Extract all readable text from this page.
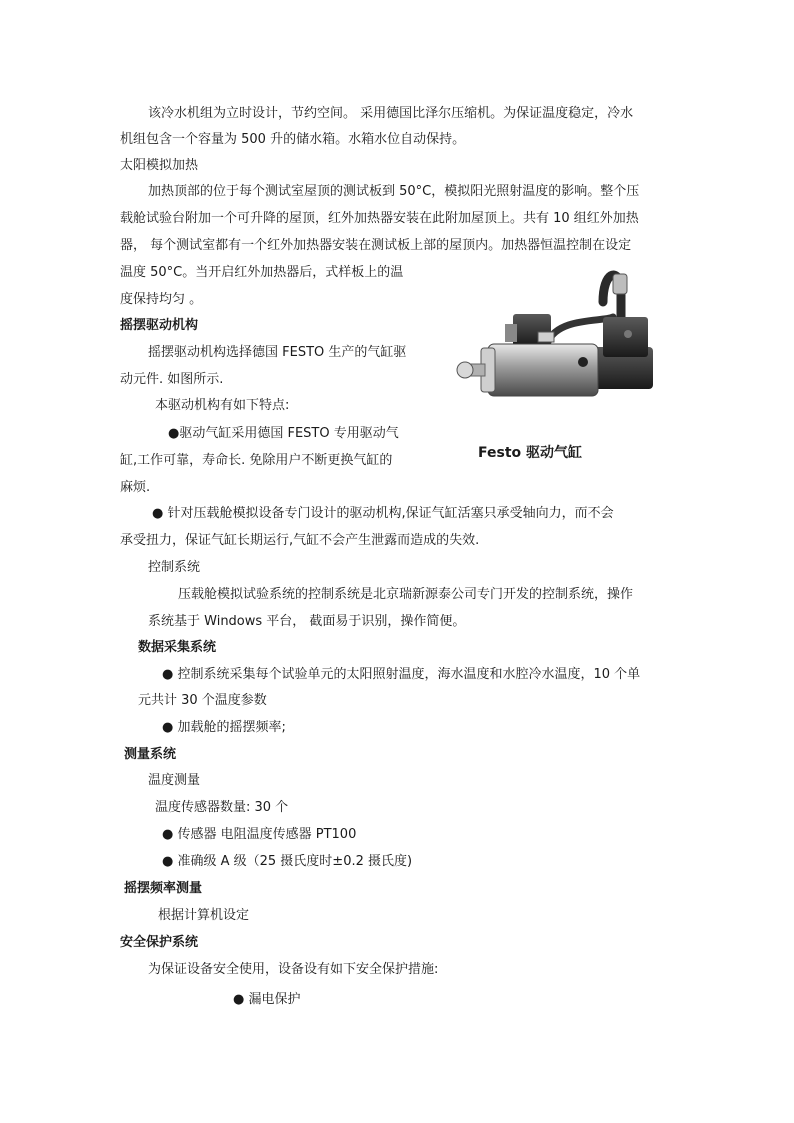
该冷水机组为立时设计，节约空间。 采用德国比泽尔压缩机。为保证温度稳定，冷水
机组包含一个容量为 500 升的储水箱。水箱水位自动保持。
太阳模拟加热
加热顶部的位于每个测试室屋顶的测试板到 50°C，模拟阳光照射温度的影响。整个压
载舱试验台附加一个可升降的屋顶，红外加热器安装在此附加屋顶上。共有 10 组红外加热
器， 每个测试室都有一个红外加热器安装在测试板上部的屋顶内。加热器恒温控制在设定
温度 50°C。当开启红外加热器后，式样板上的温
度保持均匀 。
摇摆驱动机构
摇摆驱动机构选择德国 FESTO 生产的气缸驱
动元件. 如图所示.
本驱动机构有如下特点:
●驱动气缸采用德国 FESTO 专用驱动气
缸,工作可靠，寿命长. 免除用户不断更换气缸的
麻烦.
Festo 驱动气缸
● 针对压载舱模拟设备专门设计的驱动机构,保证气缸活塞只承受轴向力，而不会
承受扭力，保证气缸长期运行,气缸不会产生泄露而造成的失效.
控制系统
压载舱模拟试验系统的控制系统是北京瑞新源泰公司专门开发的控制系统，操作
系统基于 Windows 平台， 截面易于识别，操作简便。
数据采集系统
● 控制系统采集每个试验单元的太阳照射温度，海水温度和水腔冷水温度，10 个单
元共计 30 个温度参数
● 加载舱的摇摆频率;
测量系统
温度测量
温度传感器数量: 30 个
● 传感器 电阻温度传感器 PT100
● 准确级 A 级（25 摄氏度时±0.2 摄氏度)
摇摆频率测量
根据计算机设定
安全保护系统
为保证设备安全使用，设备设有如下安全保护措施:
● 漏电保护
